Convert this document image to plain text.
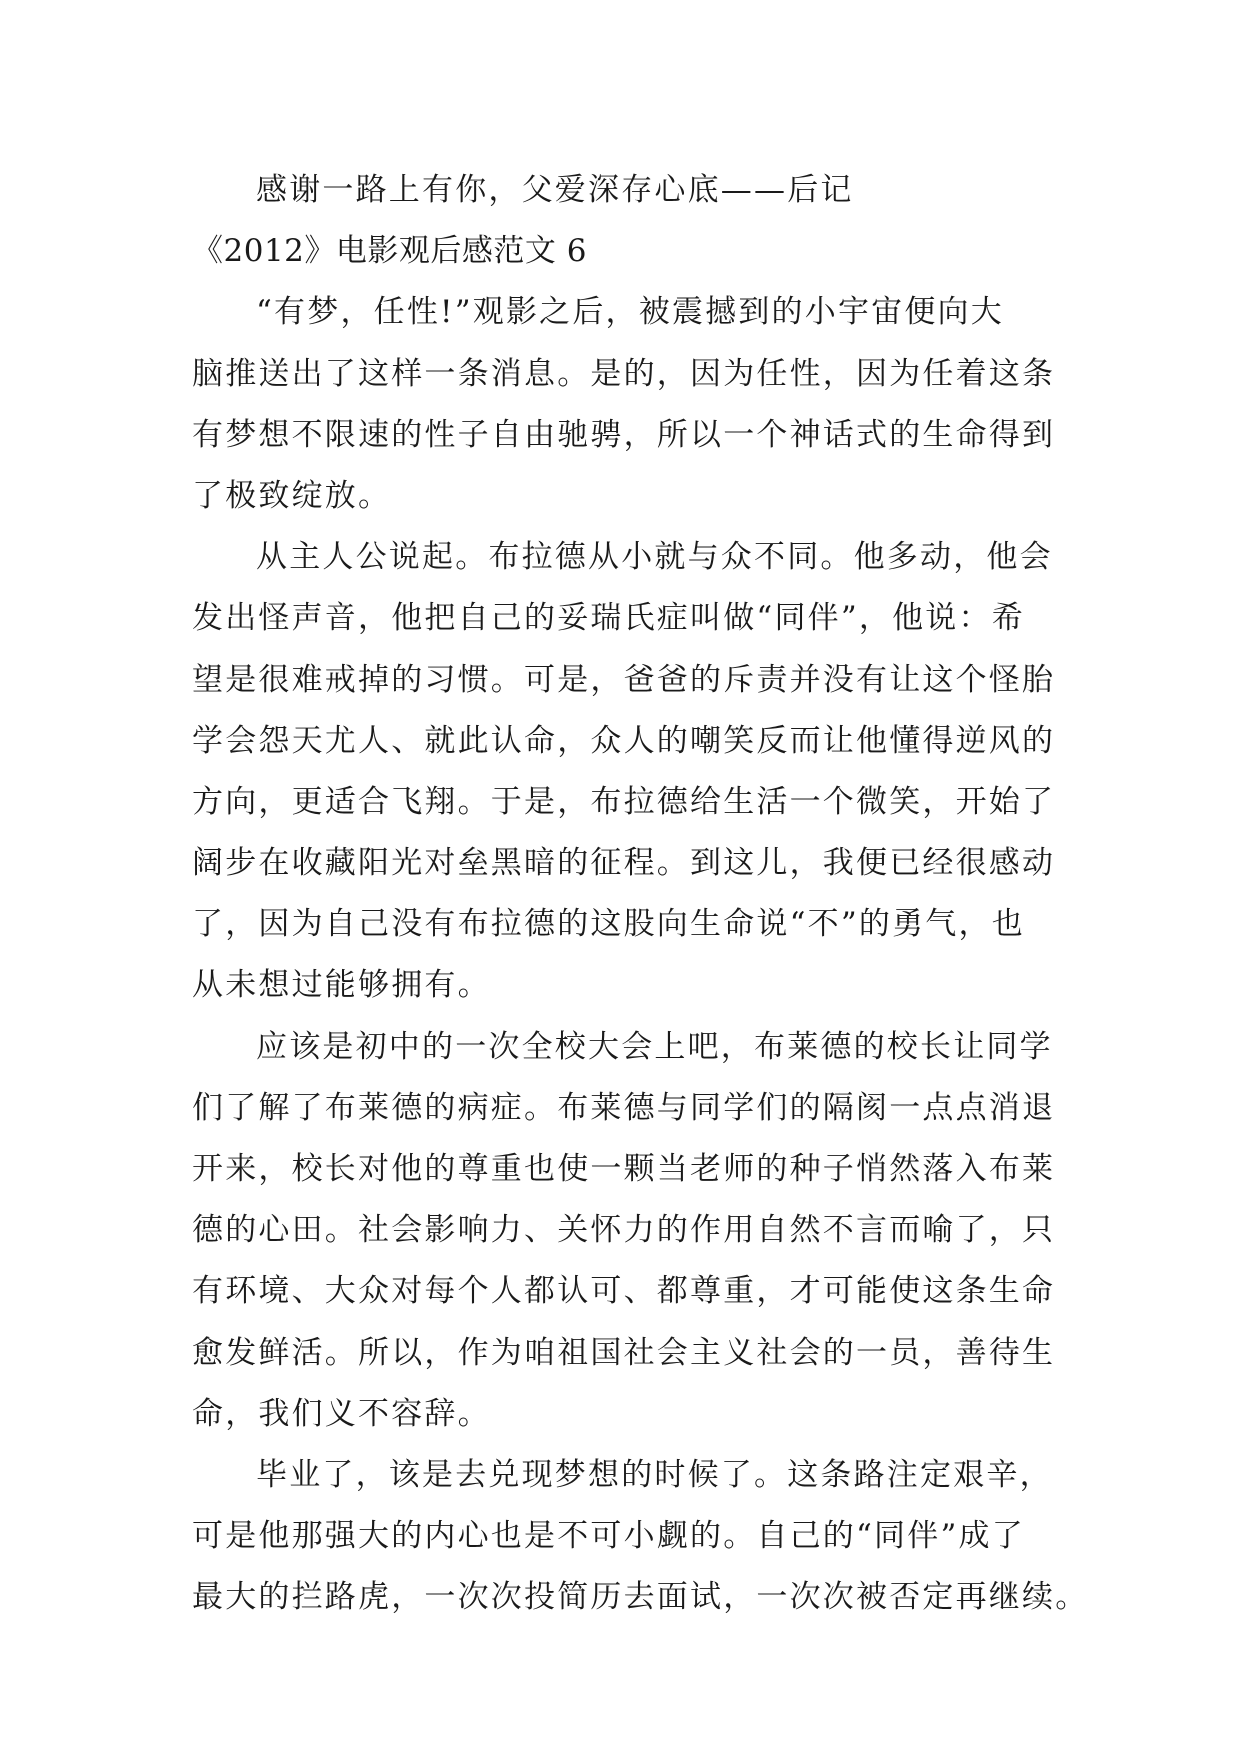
感谢一路上有你，父爱深存心底——后记
《2012》电影观后感范文 6
“有梦，任性!”观影之后，被震撼到的小宇宙便向大
脑推送出了这样一条消息。是的，因为任性，因为任着这条
有梦想不限速的性子自由驰骋，所以一个神话式的生命得到
了极致绽放。
从主人公说起。布拉德从小就与众不同。他多动，他会
发出怪声音，他把自己的妥瑞氏症叫做“同伴”，他说：希
望是很难戒掉的习惯。可是，爸爸的斥责并没有让这个怪胎
学会怨天尤人、就此认命，众人的嘲笑反而让他懂得逆风的
方向，更适合飞翔。于是，布拉德给生活一个微笑，开始了
阔步在收藏阳光对垒黑暗的征程。到这儿，我便已经很感动
了，因为自己没有布拉德的这股向生命说“不”的勇气，也
从未想过能够拥有。
应该是初中的一次全校大会上吧，布莱德的校长让同学
们了解了布莱德的病症。布莱德与同学们的隔阂一点点消退
开来，校长对他的尊重也使一颗当老师的种子悄然落入布莱
德的心田。社会影响力、关怀力的作用自然不言而喻了，只
有环境、大众对每个人都认可、都尊重，才可能使这条生命
愈发鲜活。所以，作为咱祖国社会主义社会的一员，善待生
命，我们义不容辞。
毕业了，该是去兑现梦想的时候了。这条路注定艰辛，
可是他那强大的内心也是不可小觑的。自己的“同伴”成了
最大的拦路虎，一次次投简历去面试，一次次被否定再继续。
